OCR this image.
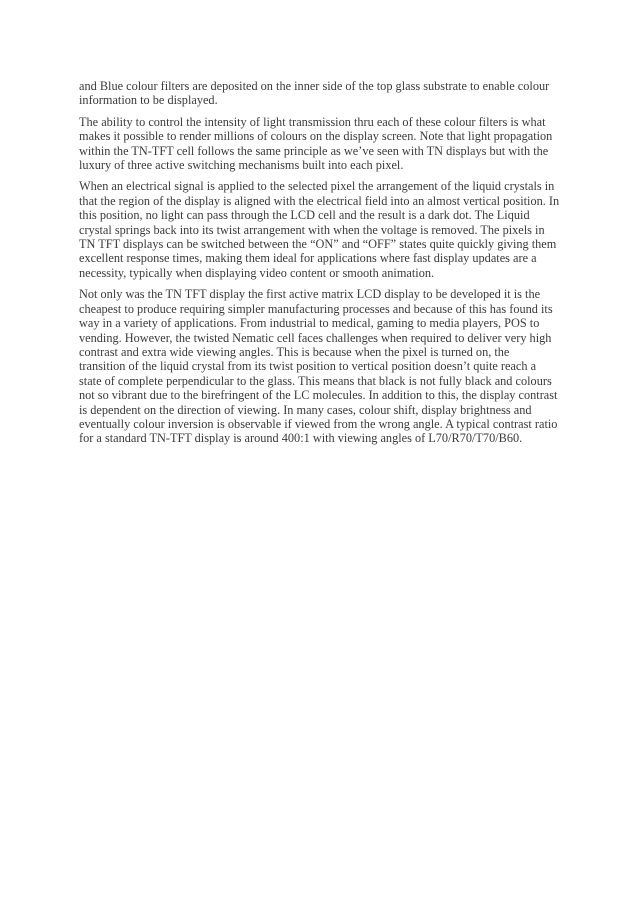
and Blue colour filters are deposited on the inner side of the top glass substrate to enable colour
information to be displayed.

The ability to control the intensity of light transmission thru each of these colour filters is what
makes it possible to render millions of colours on the display screen. Note that light propagation
within the TN-TFT cell follows the same principle as we’ve seen with TN displays but with the
luxury of three active switching mechanisms built into each pixel.

When an electrical signal is applied to the selected pixel the arrangement of the liquid crystals in
that the region of the display is aligned with the electrical field into an almost vertical position. In
this position, no light can pass through the LCD cell and the result is a dark dot. The Liquid
crystal springs back into its twist arrangement with when the voltage is removed. The pixels in
TN TFT displays can be switched between the “ON” and “OFF” states quite quickly giving them
excellent response times, making them ideal for applications where fast display updates are a
necessity, typically when displaying video content or smooth animation.

Not only was the TN TFT display the first active matrix LCD display to be developed it is the
cheapest to produce requiring simpler manufacturing processes and because of this has found its
way in a variety of applications. From industrial to medical, gaming to media players, POS to
vending. However, the twisted Nematic cell faces challenges when required to deliver very high
contrast and extra wide viewing angles. This is because when the pixel is turned on, the
transition of the liquid crystal from its twist position to vertical position doesn’t quite reach a
state of complete perpendicular to the glass. This means that black is not fully black and colours
not so vibrant due to the birefringent of the LC molecules. In addition to this, the display contrast
is dependent on the direction of viewing. In many cases, colour shift, display brightness and
eventually colour inversion is observable if viewed from the wrong angle. A typical contrast ratio
for a standard TN-TFT display is around 400:1 with viewing angles of L70/R70/T70/B60.
